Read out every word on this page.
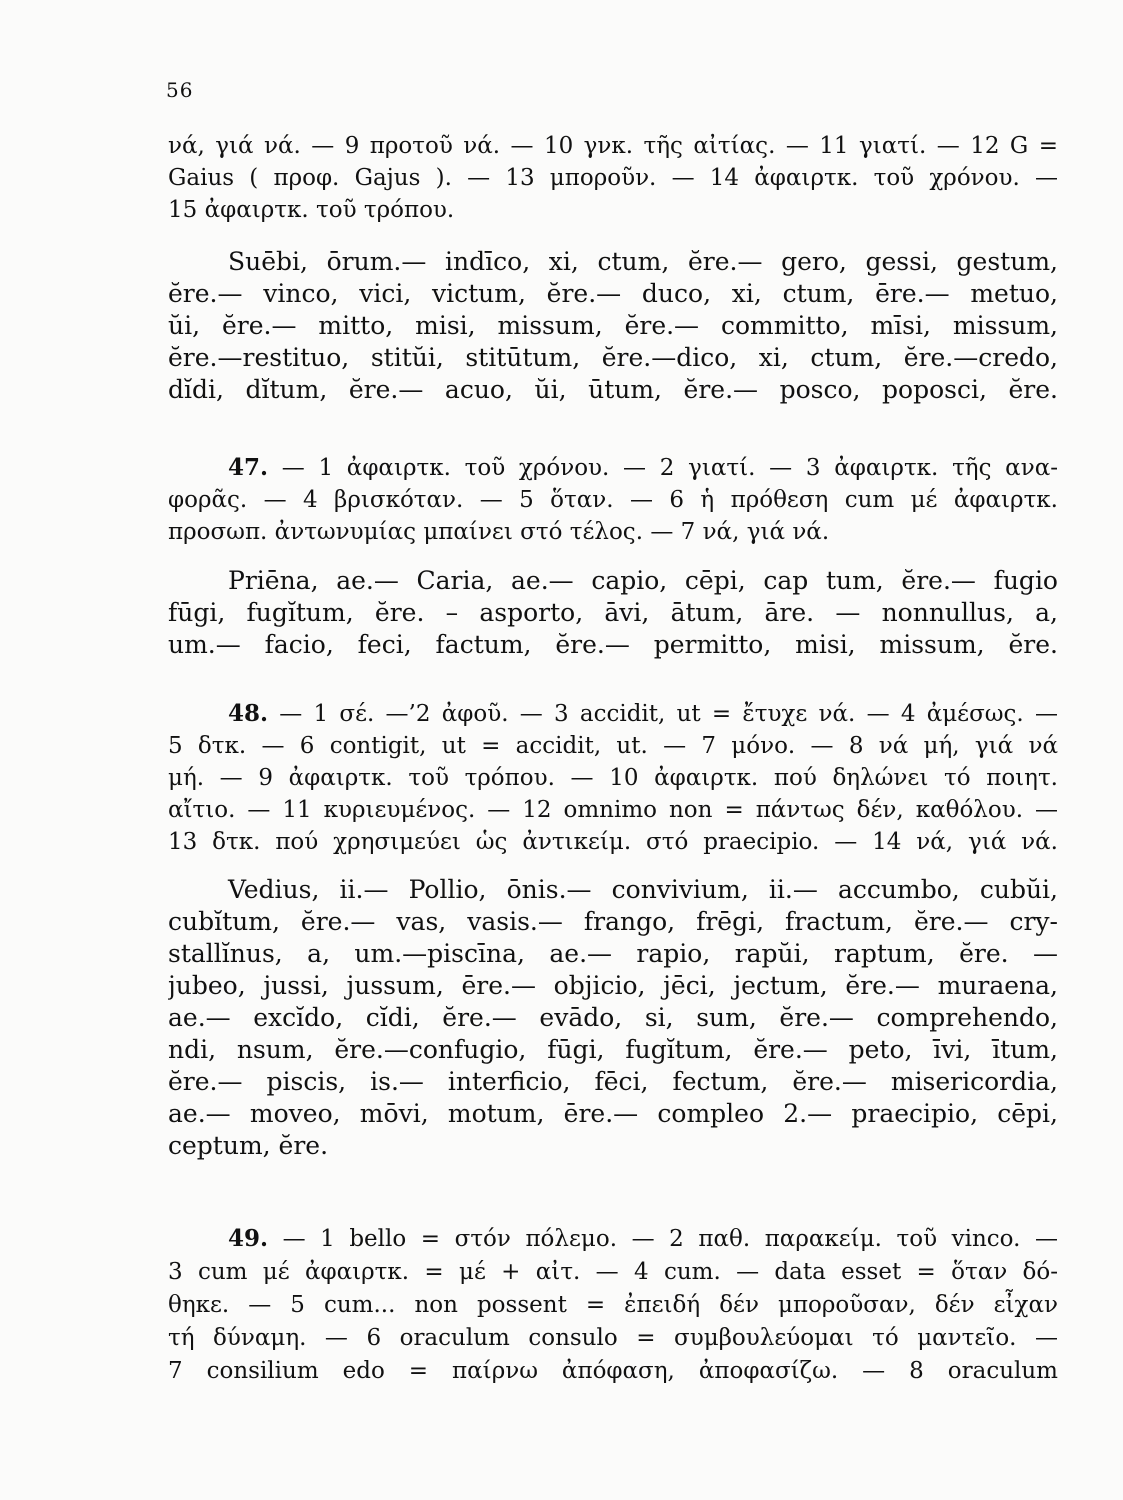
56
νά, γιά νά. — 9 προτοῦ νά. — 10 γνκ. τῆς αἰτίας. — 11 γιατί. — 12 G =
Gaius ( προφ. Gajus ). — 13 μποροῦν. — 14 ἀφαιρτκ. τοῦ χρόνου. —
15 ἀφαιρτκ. τοῦ τρόπου.
Suēbi, ōrum.— indīco, xi, ctum, ĕre.— gero, gessi, gestum,
ĕre.— vinco, vici, victum, ĕre.— duco, xi, ctum, ēre.— metuo,
ŭi, ĕre.— mitto, misi, missum, ĕre.— committo, mīsi, missum,
ĕre.—restituo, stitŭi, stitūtum, ĕre.—dico, xi, ctum, ĕre.—credo,
dĭdi, dĭtum, ĕre.— acuo, ŭi, ūtum, ĕre.— posco, poposci, ĕre.
47. — 1 ἀφαιρτκ. τοῦ χρόνου. — 2 γιατί. — 3 ἀφαιρτκ. τῆς ανα-
φορᾶς. — 4 βρισκόταν. — 5 ὅταν. — 6 ἡ πρόθεση cum μέ ἀφαιρτκ.
προσωπ. ἀντωνυμίας μπαίνει στό τέλος. — 7 νά, γιά νά.
Priēna, ae.— Caria, ae.— capio, cēpi, cap tum, ĕre.— fugio
fūgi, fugĭtum, ĕre. – asporto, āvi, ātum, āre. — nonnullus, a,
um.— facio, feci, factum, ĕre.— permitto, misi, missum, ĕre.
48. — 1 σέ. —’2 ἀφοῦ. — 3 accidit, ut = ἔτυχε νά. — 4 ἀμέσως. —
5 δτκ. — 6 contigit, ut = accidit, ut. — 7 μόνο. — 8 νά μή, γιά νά
μή. — 9 ἀφαιρτκ. τοῦ τρόπου. — 10 ἀφαιρτκ. πού δηλώνει τό ποιητ.
αἴτιο. — 11 κυριευμένος. — 12 omnimo non = πάντως δέν, καθόλου. —
13 δτκ. πού χρησιμεύει ὡς ἀντικείμ. στό praecipio. — 14 νά, γιά νά.
Vedius, ii.— Pollio, ōnis.— convivium, ii.— accumbo, cubŭi,
cubĭtum, ĕre.— vas, vasis.— frango, frēgi, fractum, ĕre.— cry-
stallĭnus, a, um.—piscīna, ae.— rapio, rapŭi, raptum, ĕre. —
jubeo, jussi, jussum, ēre.— objicio, jēci, jectum, ĕre.— muraena,
ae.— excĭdo, cĭdi, ĕre.— evādo, si, sum, ĕre.— comprehendo,
ndi, nsum, ĕre.—confugio, fūgi, fugĭtum, ĕre.— peto, īvi, ītum,
ĕre.— piscis, is.— interficio, fēci, fectum, ĕre.— misericordia,
ae.— moveo, mōvi, motum, ēre.— compleo 2.— praecipio, cēpi,
ceptum, ĕre.
49. — 1 bello = στόν πόλεμο. — 2 παθ. παρακείμ. τοῦ vinco. —
3 cum μέ ἀφαιρτκ. = μέ + αἰτ. — 4 cum. — data esset = ὅταν δό-
θηκε. — 5 cum... non possent = ἐπειδή δέν μποροῦσαν, δέν εἶχαν
τή δύναμη. — 6 oraculum consulo = συμβουλεύομαι τό μαντεῖο. —
7 consilium edo = παίρνω ἀπόφαση, ἀποφασίζω. — 8 oraculum
